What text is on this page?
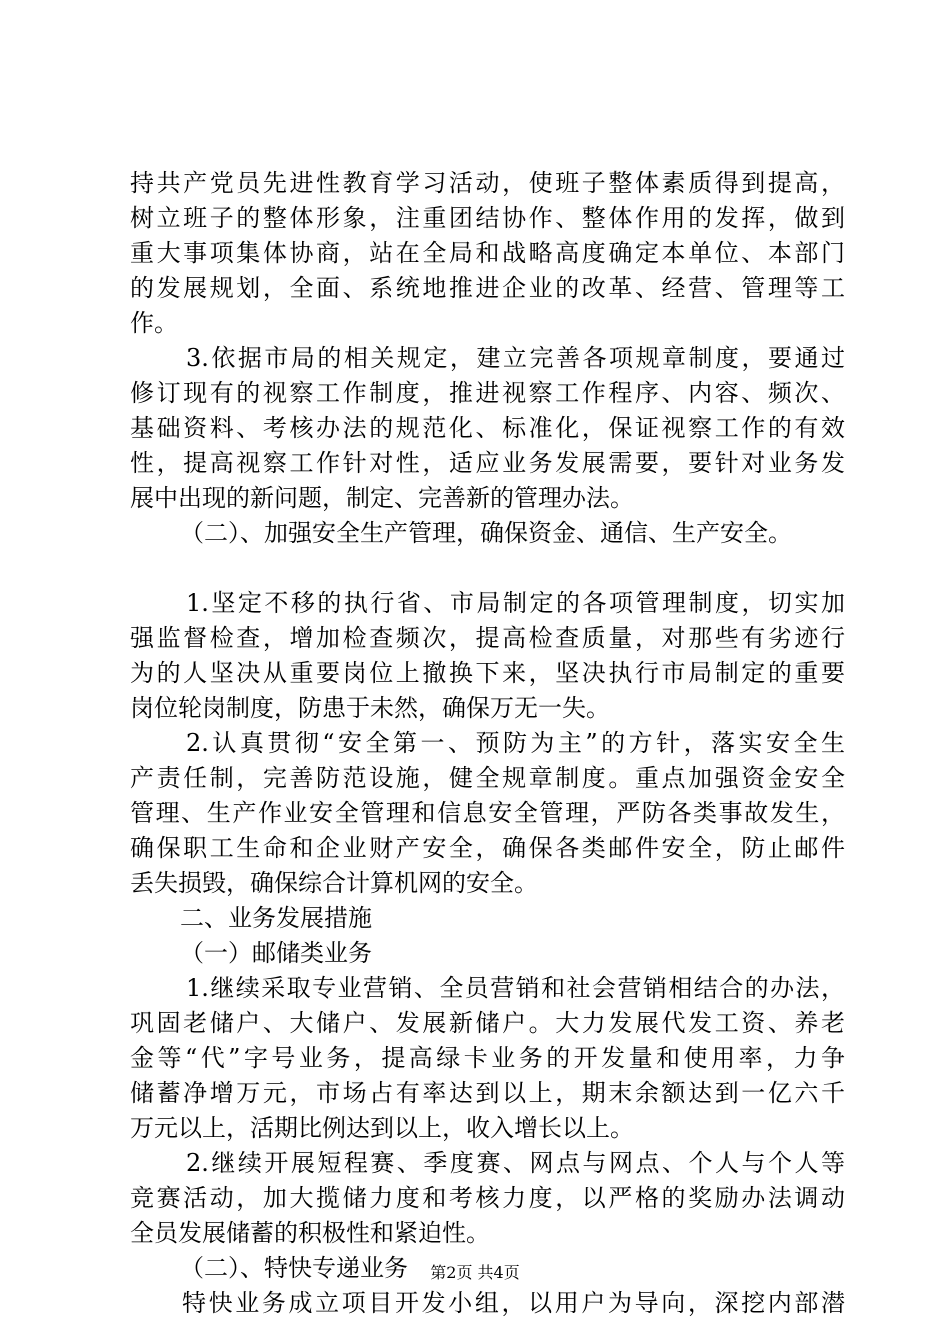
持共产党员先进性教育学习活动，使班子整体素质得到提高，
树立班子的整体形象，注重团结协作、整体作用的发挥，做到
重大事项集体协商，站在全局和战略高度确定本单位、本部门
的发展规划，全面、系统地推进企业的改革、经营、管理等工
作。
3.依据市局的相关规定，建立完善各项规章制度，要通过
修订现有的视察工作制度，推进视察工作程序、内容、频次、
基础资料、考核办法的规范化、标准化，保证视察工作的有效
性，提高视察工作针对性，适应业务发展需要，要针对业务发
展中出现的新问题，制定、完善新的管理办法。
（二）、加强安全生产管理，确保资金、通信、生产安全。
1.坚定不移的执行省、市局制定的各项管理制度，切实加
强监督检查，增加检查频次，提高检查质量，对那些有劣迹行
为的人坚决从重要岗位上撤换下来，坚决执行市局制定的重要
岗位轮岗制度，防患于未然，确保万无一失。
2.认真贯彻“安全第一、预防为主”的方针，落实安全生
产责任制，完善防范设施，健全规章制度。重点加强资金安全
管理、生产作业安全管理和信息安全管理，严防各类事故发生，
确保职工生命和企业财产安全，确保各类邮件安全，防止邮件
丢失损毁，确保综合计算机网的安全。
二、业务发展措施
（一）邮储类业务
1.继续采取专业营销、全员营销和社会营销相结合的办法，
巩固老储户、大储户、发展新储户。大力发展代发工资、养老
金等“代”字号业务，提高绿卡业务的开发量和使用率，力争
储蓄净增万元，市场占有率达到以上，期末余额达到一亿六千
万元以上，活期比例达到以上，收入增长以上。
2.继续开展短程赛、季度赛、网点与网点、个人与个人等
竞赛活动，加大揽储力度和考核力度，以严格的奖励办法调动
全员发展储蓄的积极性和紧迫性。
（二）、特快专递业务
特快业务成立项目开发小组，以用户为导向，深挖内部潜
第2页 共4页
